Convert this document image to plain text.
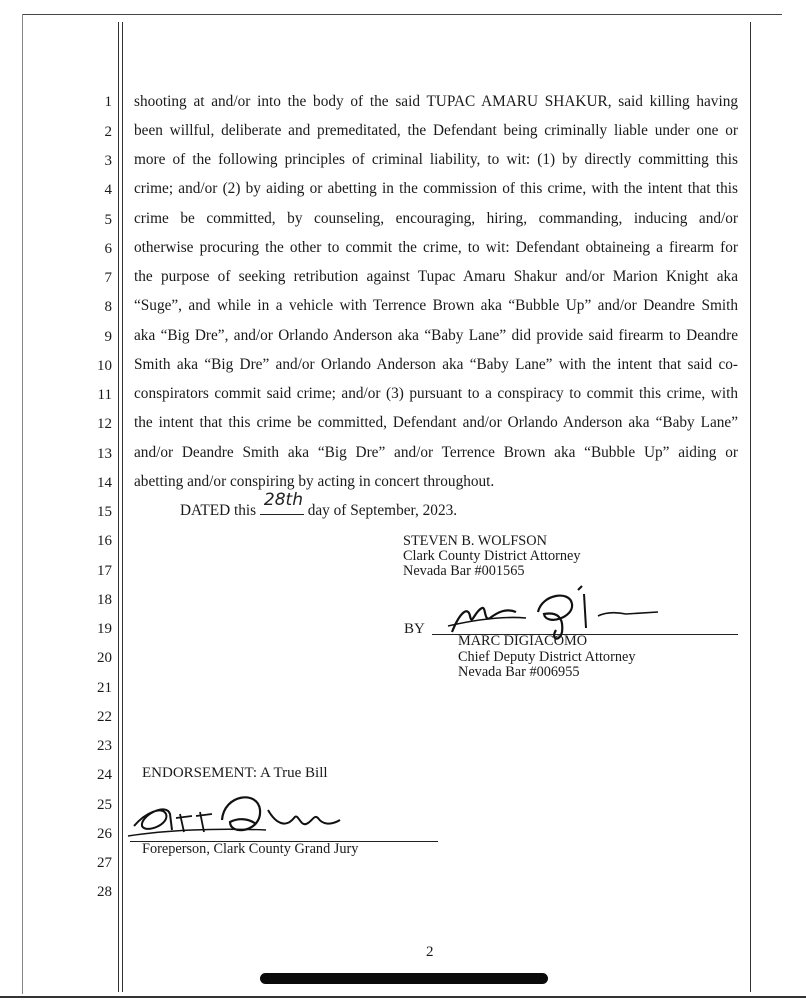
1
2
3
4
5
6
7
8
9
10
11
12
13
14
15
16
17
18
19
20
21
22
23
24
25
26
27
28
shooting at and/or into the body of the said TUPAC AMARU SHAKUR, said killing having
been willful, deliberate and premeditated, the Defendant being criminally liable under one or
more of the following principles of criminal liability, to wit: (1) by directly committing this
crime; and/or (2) by aiding or abetting in the commission of this crime, with the intent that this
crime be committed, by counseling, encouraging, hiring, commanding, inducing and/or
otherwise procuring the other to commit the crime, to wit: Defendant obtaineing a firearm for
the purpose of seeking retribution against Tupac Amaru Shakur and/or Marion Knight aka
“Suge”, and while in a vehicle with Terrence Brown aka “Bubble Up” and/or Deandre Smith
aka “Big Dre”, and/or Orlando Anderson aka “Baby Lane” did provide said firearm to Deandre
Smith aka “Big Dre” and/or Orlando Anderson aka “Baby Lane” with the intent that said co-
conspirators commit said crime; and/or (3) pursuant to a conspiracy to commit this crime, with
the intent that this crime be committed, Defendant and/or Orlando Anderson aka “Baby Lane”
and/or Deandre Smith aka “Big Dre” and/or Terrence Brown aka “Bubble Up” aiding or
abetting and/or conspiring by acting in concert throughout.
DATED this
28th
day of September, 2023.
STEVEN B. WOLFSON
Clark County District Attorney
Nevada Bar #001565
BY
MARC DIGIACOMO
Chief Deputy District Attorney
Nevada Bar #006955
ENDORSEMENT: A True Bill
Foreperson, Clark County Grand Jury
2
